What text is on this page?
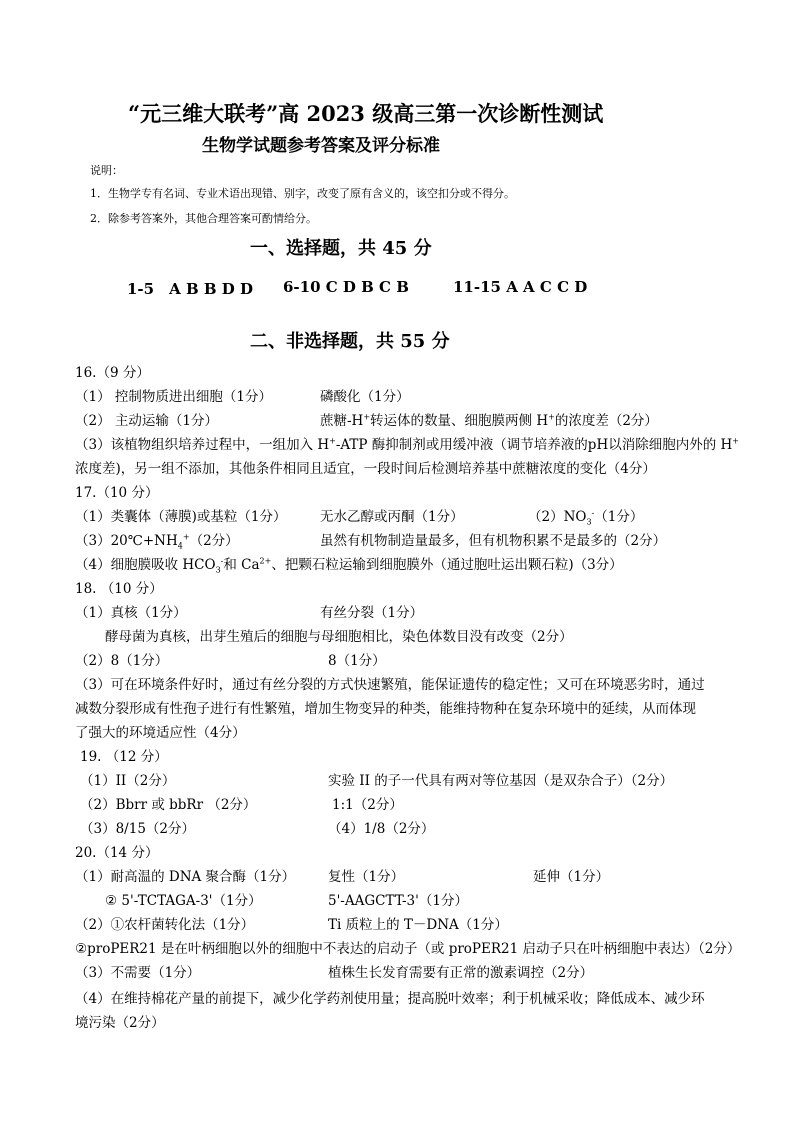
“元三维大联考”高 2023 级高三第一次诊断性测试
生物学试题参考答案及评分标准
说明：
1．生物学专有名词、专业术语出现错、别字，改变了原有含义的，该空扣分或不得分。
2．除参考答案外，其他合理答案可酌情给分。
一、选择题，共 45 分
1-5　A B B D D 6-10 C D B C B	11-15 A A C C D
二、非选择题，共 55 分
16.（9 分）
（1） 控制物质进出细胞（1分）	磷酸化（1分）
（2） 主动运输（1分）	蔗糖-H+转运体的数量、细胞膜两侧 H+的浓度差（2分）
（3）该植物组织培养过程中，一组加入 H+-ATP 酶抑制剂或用缓冲液（调节培养液的pH以消除细胞内外的 H+
浓度差)，另一组不添加，其他条件相同且适宜，一段时间后检测培养基中蔗糖浓度的变化（4分）
17.（10 分）
（1）类囊体（薄膜)或基粒（1分） 无水乙醇或丙酮（1分）	$(2)NO_3^-(1$分）
$(3)20℃+NH_4^+(2$分）	虽然有机物制造量最多，但有机物积累不是最多的（2分）
（4）细胞膜吸收 $HCO_3^-$和 $Ca^{2+}$、把颗石粒运输到细胞膜外（通过胞吐运出颗石粒)（3分）
18. （10 分）
（1）真核（1分）	有丝分裂（1分）
酵母菌为真核，出芽生殖后的细胞与母细胞相比，染色体数目没有改变（2分）
（2）8（1分）	8（1分）
（3）可在环境条件好时，通过有丝分裂的方式快速繁殖，能保证遗传的稳定性；又可在环境恶劣时，通过
减数分裂形成有性孢子进行有性繁殖，增加生物变异的种类，能维持物种在复杂环境中的延续，从而体现
了强大的环境适应性（4分）
19. （12 分）
（1）II（2分）	实验 II 的子一代具有两对等位基因（是双杂合子）（2分）
（2）Bbrr 或 bbRr （2分）	1:1（2分）
（3）8/15（2分）	（4）1/8（2分）
20.（14 分）
（1）耐高温的 DNA 聚合酶（1分） 复性（1分）	延伸（1分）
② 5'-TCTAGA-3'（1分）	5'-AAGCTT-3'（1分）
（2）①农杆菌转化法（1分）	Ti 质粒上的 T－DNA（1分）
②proPER21 是在叶柄细胞以外的细胞中不表达的启动子（或 proPER21 启动子只在叶柄细胞中表达）（2分）
（3）不需要（1分）	植株生长发育需要有正常的激素调控（2分）
（4）在维持棉花产量的前提下，减少化学药剂使用量；提高脱叶效率；利于机械采收；降低成本、减少环
境污染（2分）
